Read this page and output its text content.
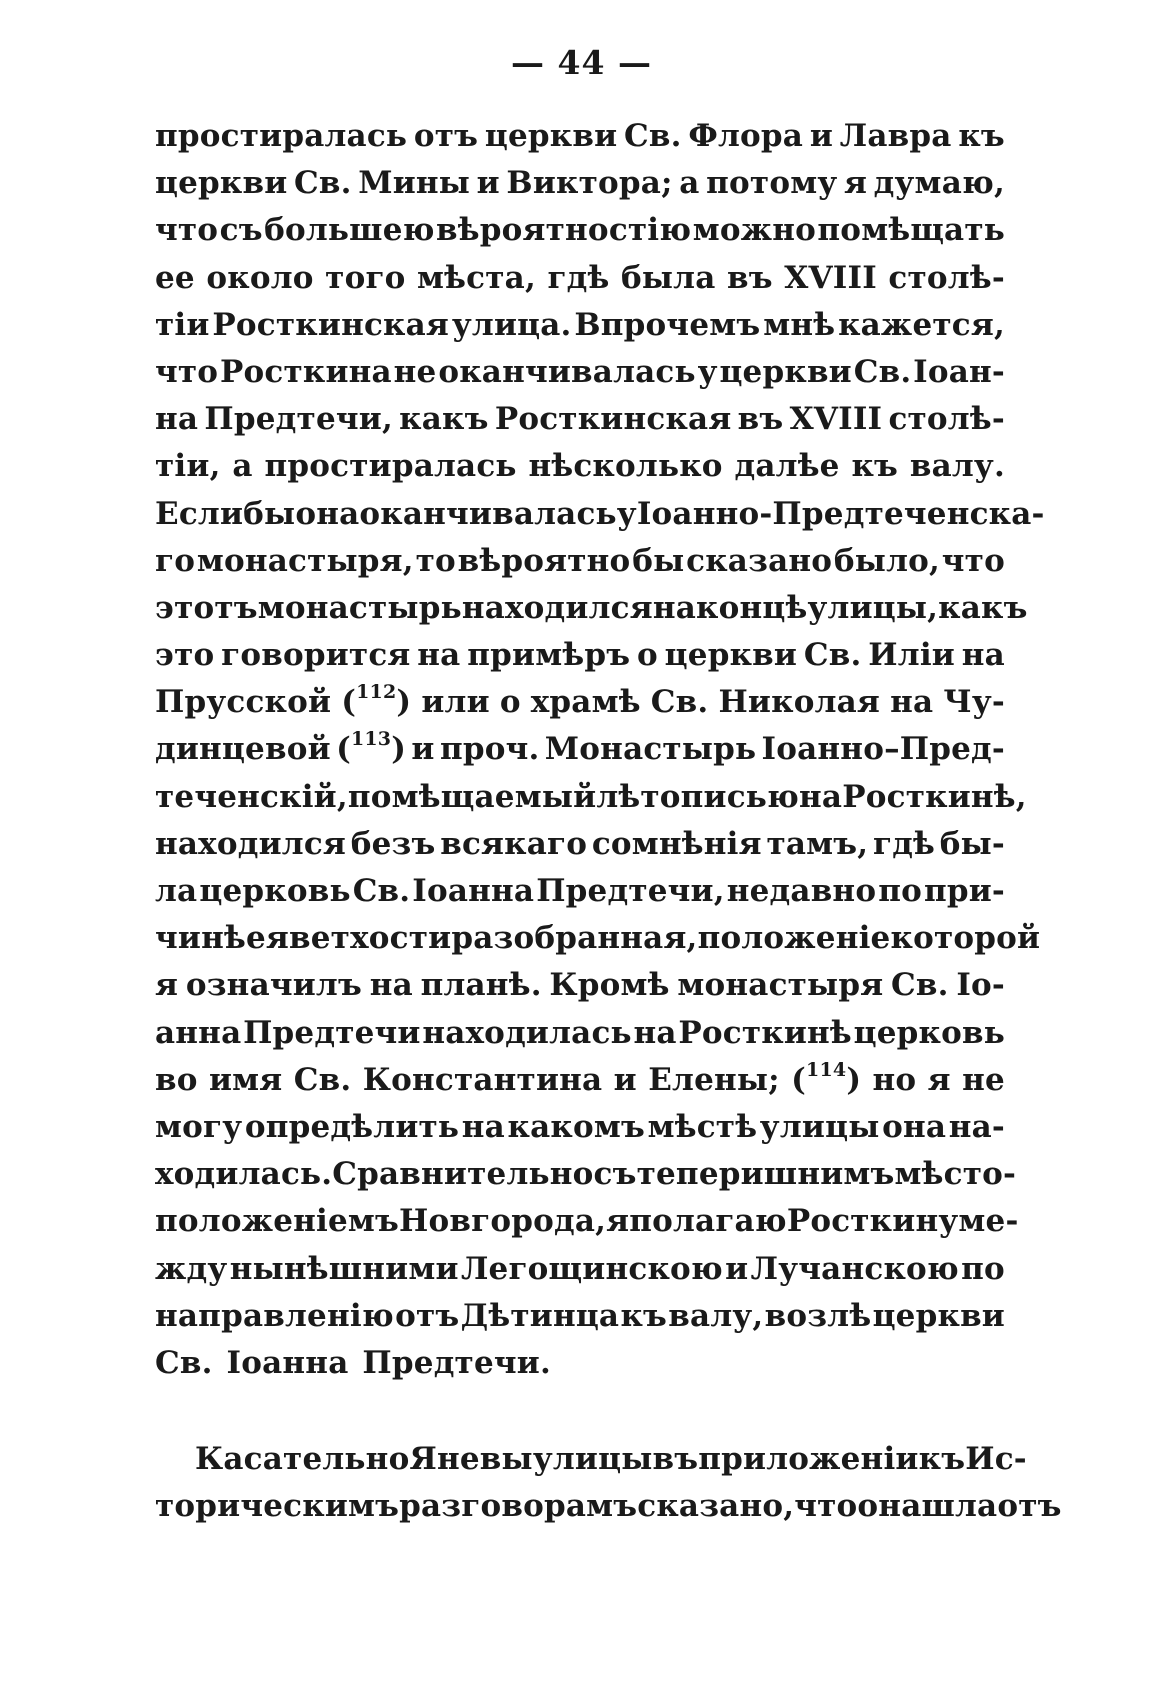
— 44 —
простиралась отъ церкви Св. Флора и Лавра къ
церкви Св. Мины и Виктора; а потому я думаю,
что съ большею вѣроятностiю можно помѣщать
ее около того мѣста, гдѣ была въ XVIII столѣ-
тiи Росткинская улица. Впрочемъ мнѣ кажется,
что Росткина не оканчивалась у церкви Св. Iоан-
на Предтечи, какъ Росткинская въ XVIII столѣ-
тiи, а простиралась нѣсколько далѣе къ валу.
Еслибы она оканчивалась у Iоанно-Предтеченска-
го монастыря, то вѣроятно бы сказано было, что
этотъ монастырь находился на концѣ улицы, какъ
это говорится на примѣръ о церкви Св. Илiи на
Прусской ($^{112}$) или о храмѣ Св. Николая на Чу-
динцевой ($^{113}$) и проч. Монастырь Iоанно–Пред-
теченскiй, помѣщаемый лѣтописью на Росткинѣ,
находился безъ всякаго сомнѣнiя тамъ, гдѣ бы-
ла церковь Св. Iоанна Предтечи, недавно по при-
чинѣ ея ветхости разобранная, положенiе которой
я означилъ на планѣ. Кромѣ монастыря Св. Iо-
анна Предтечи находилась на Росткинѣ церковь
во имя Св. Константина и Елены; ($^{114}$) но я не
могу опредѣлить на какомъ мѣстѣ улицы она на-
ходилась. Сравнительно съ теперишнимъ мѣсто-
положенiемъ Новгорода, я полагаю Росткину ме-
жду нынѣшними Легощинскою и Лучанскою по
направленiю отъ Дѣтинца къ валу, возлѣ церкви
Св. Iоанна Предтечи.
Касательно Яневы улицы въ приложенiи къ Ис-
торическимъ разговорамъ сказано, что она шла отъ
